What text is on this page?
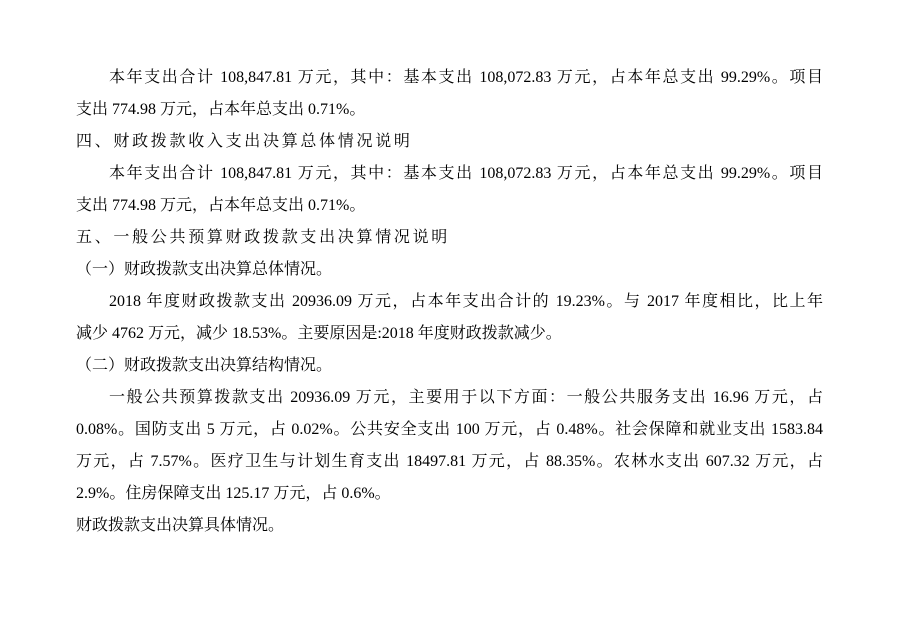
本年支出合计 108,847.81 万元，其中：基本支出 108,072.83 万元，占本年总支出 99.29%。项目
支出 774.98 万元，占本年总支出 0.71%。
四、财政拨款收入支出决算总体情况说明
本年支出合计 108,847.81 万元，其中：基本支出 108,072.83 万元，占本年总支出 99.29%。项目
支出 774.98 万元，占本年总支出 0.71%。
五、一般公共预算财政拨款支出决算情况说明
（一）财政拨款支出决算总体情况。
2018 年度财政拨款支出 20936.09 万元，占本年支出合计的 19.23%。与 2017 年度相比，比上年
减少 4762 万元，减少 18.53%。主要原因是:2018 年度财政拨款减少。
（二）财政拨款支出决算结构情况。
一般公共预算拨款支出 20936.09 万元，主要用于以下方面：一般公共服务支出 16.96 万元，占
0.08%。国防支出 5 万元，占 0.02%。公共安全支出 100 万元，占 0.48%。社会保障和就业支出 1583.84
万元，占 7.57%。医疗卫生与计划生育支出 18497.81 万元，占 88.35%。农林水支出 607.32 万元，占
2.9%。住房保障支出 125.17 万元，占 0.6%。
财政拨款支出决算具体情况。
